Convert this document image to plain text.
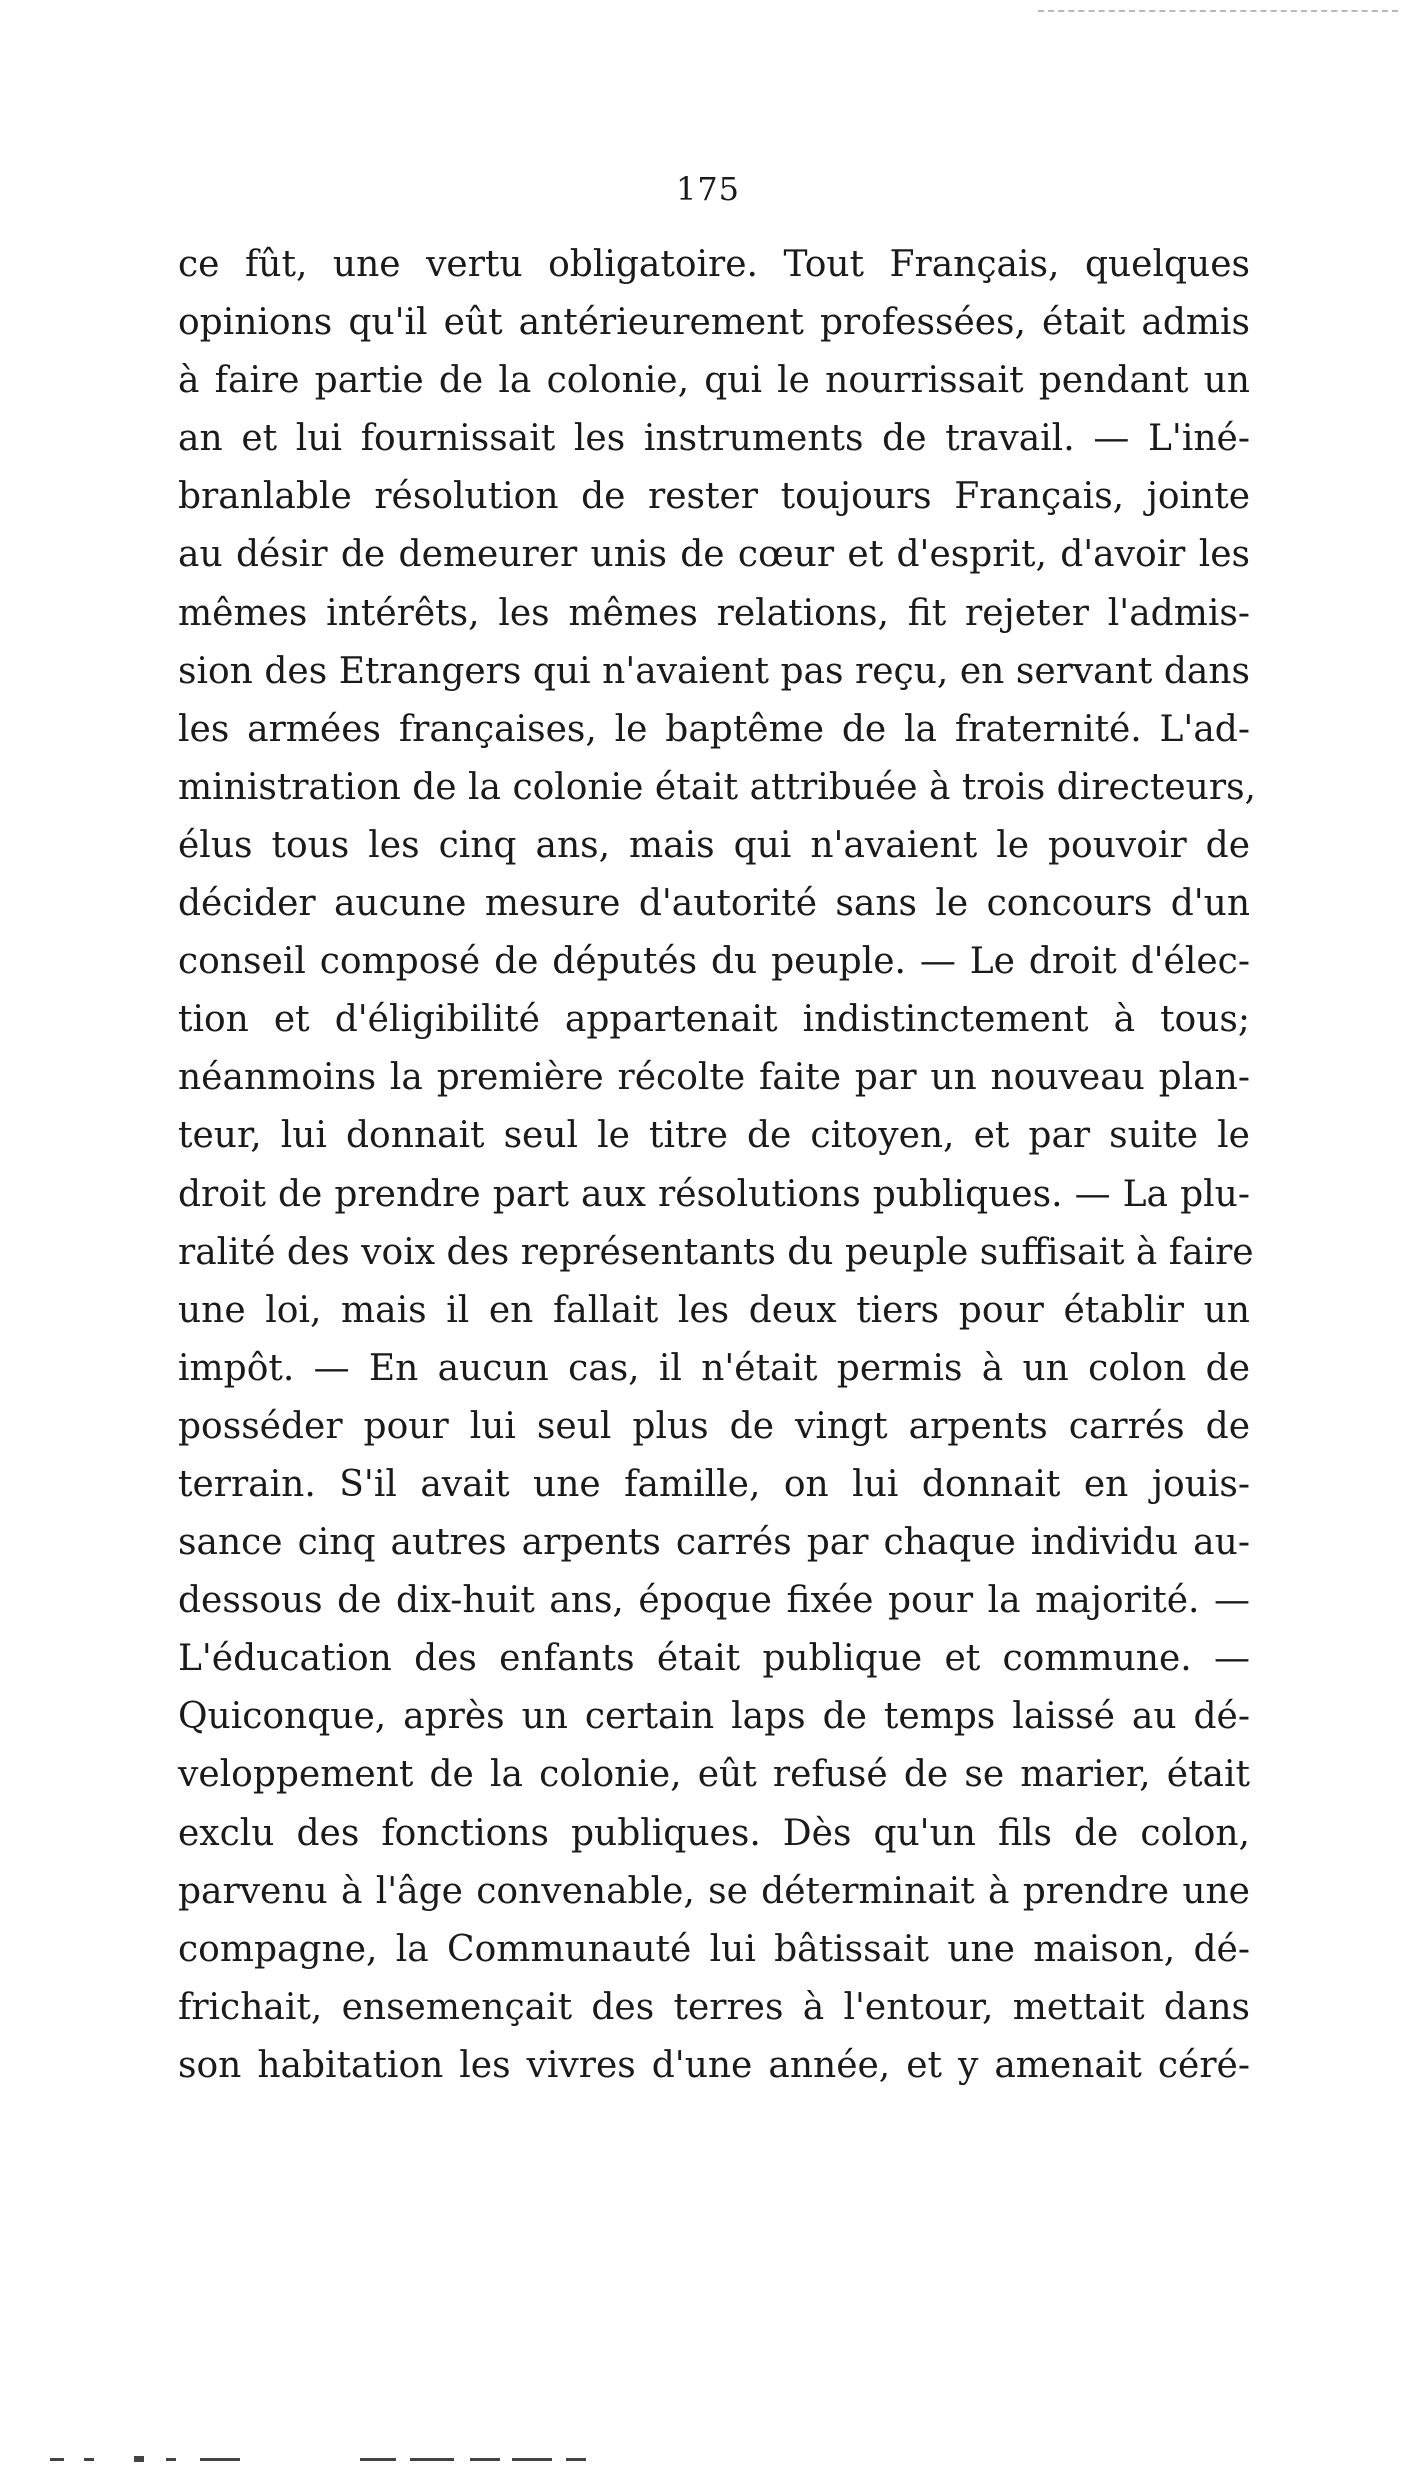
175
ce fût, une vertu obligatoire. Tout Français, quelques
opinions qu'il eût antérieurement professées, était admis
à faire partie de la colonie, qui le nourrissait pendant un
an et lui fournissait les instruments de travail. — L'iné-
branlable résolution de rester toujours Français, jointe
au désir de demeurer unis de cœur et d'esprit, d'avoir les
mêmes intérêts, les mêmes relations, fit rejeter l'admis-
sion des Etrangers qui n'avaient pas reçu, en servant dans
les armées françaises, le baptême de la fraternité. L'ad-
ministration de la colonie était attribuée à trois directeurs,
élus tous les cinq ans, mais qui n'avaient le pouvoir de
décider aucune mesure d'autorité sans le concours d'un
conseil composé de députés du peuple. — Le droit d'élec-
tion et d'éligibilité appartenait indistinctement à tous;
néanmoins la première récolte faite par un nouveau plan-
teur, lui donnait seul le titre de citoyen, et par suite le
droit de prendre part aux résolutions publiques. — La plu-
ralité des voix des représentants du peuple suffisait à faire
une loi, mais il en fallait les deux tiers pour établir un
impôt. — En aucun cas, il n'était permis à un colon de
posséder pour lui seul plus de vingt arpents carrés de
terrain. S'il avait une famille, on lui donnait en jouis-
sance cinq autres arpents carrés par chaque individu au-
dessous de dix-huit ans, époque fixée pour la majorité. —
L'éducation des enfants était publique et commune. —
Quiconque, après un certain laps de temps laissé au dé-
veloppement de la colonie, eût refusé de se marier, était
exclu des fonctions publiques. Dès qu'un fils de colon,
parvenu à l'âge convenable, se déterminait à prendre une
compagne, la Communauté lui bâtissait une maison, dé-
frichait, ensemençait des terres à l'entour, mettait dans
son habitation les vivres d'une année, et y amenait céré-
